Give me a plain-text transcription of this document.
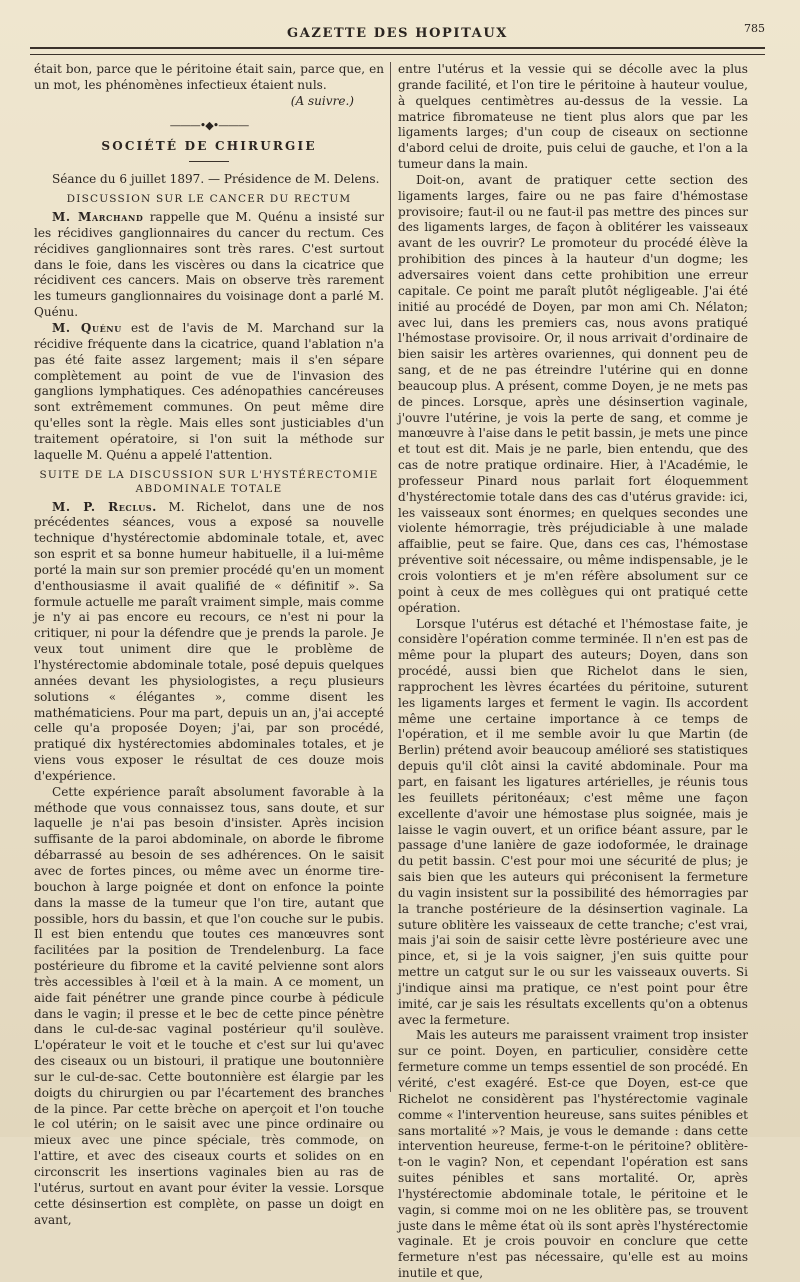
GAZETTE DES HOPITAUX	785

était bon, parce que le péritoine était sain, parce que, en un mot, les phénomènes infectieux étaient nuls.

(A suivre.)
———•◆•———
SOCIÉTÉ DE CHIRURGIE

Séance du 6 juillet 1897. — Présidence de M. Delens.

DISCUSSION SUR LE CANCER DU RECTUM

M. Marchand rappelle que M. Quénu a insisté sur les récidives ganglionnaires du cancer du rectum. Ces récidives ganglionnaires sont très rares. C'est surtout dans le foie, dans les viscères ou dans la cicatrice que récidivent ces cancers. Mais on observe très rarement les tumeurs ganglionnaires du voisinage dont a parlé M. Quénu.

M. Quénu est de l'avis de M. Marchand sur la récidive fréquente dans la cicatrice, quand l'ablation n'a pas été faite assez largement; mais il s'en sépare complètement au point de vue de l'invasion des ganglions lymphatiques. Ces adénopathies cancéreuses sont extrêmement communes. On peut même dire qu'elles sont la règle. Mais elles sont justiciables d'un traitement opératoire, si l'on suit la méthode sur laquelle M. Quénu a appelé l'attention.

SUITE DE LA DISCUSSION SUR L'HYSTÉRECTOMIE ABDOMINALE TOTALE

M. P. Reclus. M. Richelot, dans une de nos précédentes séances, vous a exposé sa nouvelle technique d'hystérectomie abdominale totale, et, avec son esprit et sa bonne humeur habituelle, il a lui-même porté la main sur son premier procédé qu'en un moment d'enthousiasme il avait qualifié de « définitif ». Sa formule actuelle me paraît vraiment simple, mais comme je n'y ai pas encore eu recours, ce n'est ni pour la critiquer, ni pour la défendre que je prends la parole. Je veux tout uniment dire que le problème de l'hystérectomie abdominale totale, posé depuis quelques années devant les physiologistes, a reçu plusieurs solutions « élégantes », comme disent les mathématiciens. Pour ma part, depuis un an, j'ai accepté celle qu'a proposée Doyen; j'ai, par son procédé, pratiqué dix hystérectomies abdominales totales, et je viens vous exposer le résultat de ces douze mois d'expérience.

Cette expérience paraît absolument favorable à la méthode que vous connaissez tous, sans doute, et sur laquelle je n'ai pas besoin d'insister. Après incision suffisante de la paroi abdominale, on aborde le fibrome débarrassé au besoin de ses adhérences. On le saisit avec de fortes pinces, ou même avec un énorme tire-bouchon à large poignée et dont on enfonce la pointe dans la masse de la tumeur que l'on tire, autant que possible, hors du bassin, et que l'on couche sur le pubis. Il est bien entendu que toutes ces manœuvres sont facilitées par la position de Trendelenburg. La face postérieure du fibrome et la cavité pelvienne sont alors très accessibles à l'œil et à la main. A ce moment, un aide fait pénétrer une grande pince courbe à pédicule dans le vagin; il presse et le bec de cette pince pénètre dans le cul-de-sac vaginal postérieur qu'il soulève. L'opérateur le voit et le touche et c'est sur lui qu'avec des ciseaux ou un bistouri, il pratique une boutonnière sur le cul-de-sac. Cette boutonnière est élargie par les doigts du chirurgien ou par l'écartement des branches de la pince. Par cette brèche on aperçoit et l'on touche le col utérin; on le saisit avec une pince ordinaire ou mieux avec une pince spéciale, très commode, on l'attire, et avec des ciseaux courts et solides on en circonscrit les insertions vaginales bien au ras de l'utérus, surtout en avant pour éviter la vessie. Lorsque cette désinsertion est complète, on passe un doigt en avant,

entre l'utérus et la vessie qui se décolle avec la plus grande facilité, et l'on tire le péritoine à hauteur voulue, à quelques centimètres au-dessus de la vessie. La matrice fibromateuse ne tient plus alors que par les ligaments larges; d'un coup de ciseaux on sectionne d'abord celui de droite, puis celui de gauche, et l'on a la tumeur dans la main.

Doit-on, avant de pratiquer cette section des ligaments larges, faire ou ne pas faire d'hémostase provisoire; faut-il ou ne faut-il pas mettre des pinces sur des ligaments larges, de façon à oblitérer les vaisseaux avant de les ouvrir? Le promoteur du procédé élève la prohibition des pinces à la hauteur d'un dogme; les adversaires voient dans cette prohibition une erreur capitale. Ce point me paraît plutôt négligeable. J'ai été initié au procédé de Doyen, par mon ami Ch. Nélaton; avec lui, dans les premiers cas, nous avons pratiqué l'hémostase provisoire. Or, il nous arrivait d'ordinaire de bien saisir les artères ovariennes, qui donnent peu de sang, et de ne pas étreindre l'utérine qui en donne beaucoup plus. A présent, comme Doyen, je ne mets pas de pinces. Lorsque, après une désinsertion vaginale, j'ouvre l'utérine, je vois la perte de sang, et comme je manœuvre à l'aise dans le petit bassin, je mets une pince et tout est dit. Mais je ne parle, bien entendu, que des cas de notre pratique ordinaire. Hier, à l'Académie, le professeur Pinard nous parlait fort éloquemment d'hystérectomie totale dans des cas d'utérus gravide: ici, les vaisseaux sont énormes; en quelques secondes une violente hémorragie, très préjudiciable à une malade affaiblie, peut se faire. Que, dans ces cas, l'hémostase préventive soit nécessaire, ou même indispensable, je le crois volontiers et je m'en réfère absolument sur ce point à ceux de mes collègues qui ont pratiqué cette opération.

Lorsque l'utérus est détaché et l'hémostase faite, je considère l'opération comme terminée. Il n'en est pas de même pour la plupart des auteurs; Doyen, dans son procédé, aussi bien que Richelot dans le sien, rapprochent les lèvres écartées du péritoine, suturent les ligaments larges et ferment le vagin. Ils accordent même une certaine importance à ce temps de l'opération, et il me semble avoir lu que Martin (de Berlin) prétend avoir beaucoup amélioré ses statistiques depuis qu'il clôt ainsi la cavité abdominale. Pour ma part, en faisant les ligatures artérielles, je réunis tous les feuillets péritonéaux; c'est même une façon excellente d'avoir une hémostase plus soignée, mais je laisse le vagin ouvert, et un orifice béant assure, par le passage d'une lanière de gaze iodoformée, le drainage du petit bassin. C'est pour moi une sécurité de plus; je sais bien que les auteurs qui préconisent la fermeture du vagin insistent sur la possibilité des hémorragies par la tranche postérieure de la désinsertion vaginale. La suture oblitère les vaisseaux de cette tranche; c'est vrai, mais j'ai soin de saisir cette lèvre postérieure avec une pince, et, si je la vois saigner, j'en suis quitte pour mettre un catgut sur le ou sur les vaisseaux ouverts. Si j'indique ainsi ma pratique, ce n'est point pour être imité, car je sais les résultats excellents qu'on a obtenus avec la fermeture.

Mais les auteurs me paraissent vraiment trop insister sur ce point. Doyen, en particulier, considère cette fermeture comme un temps essentiel de son procédé. En vérité, c'est exagéré. Est-ce que Doyen, est-ce que Richelot ne considèrent pas l'hystérectomie vaginale comme « l'intervention heureuse, sans suites pénibles et sans mortalité »? Mais, je vous le demande : dans cette intervention heureuse, ferme-t-on le péritoine? oblitère-t-on le vagin? Non, et cependant l'opération est sans suites pénibles et sans mortalité. Or, après l'hystérectomie abdominale totale, le péritoine et le vagin, si comme moi on ne les oblitère pas, se trouvent juste dans le même état où ils sont après l'hystérectomie vaginale. Et je crois pouvoir en conclure que cette fermeture n'est pas nécessaire, qu'elle est au moins inutile et que,
